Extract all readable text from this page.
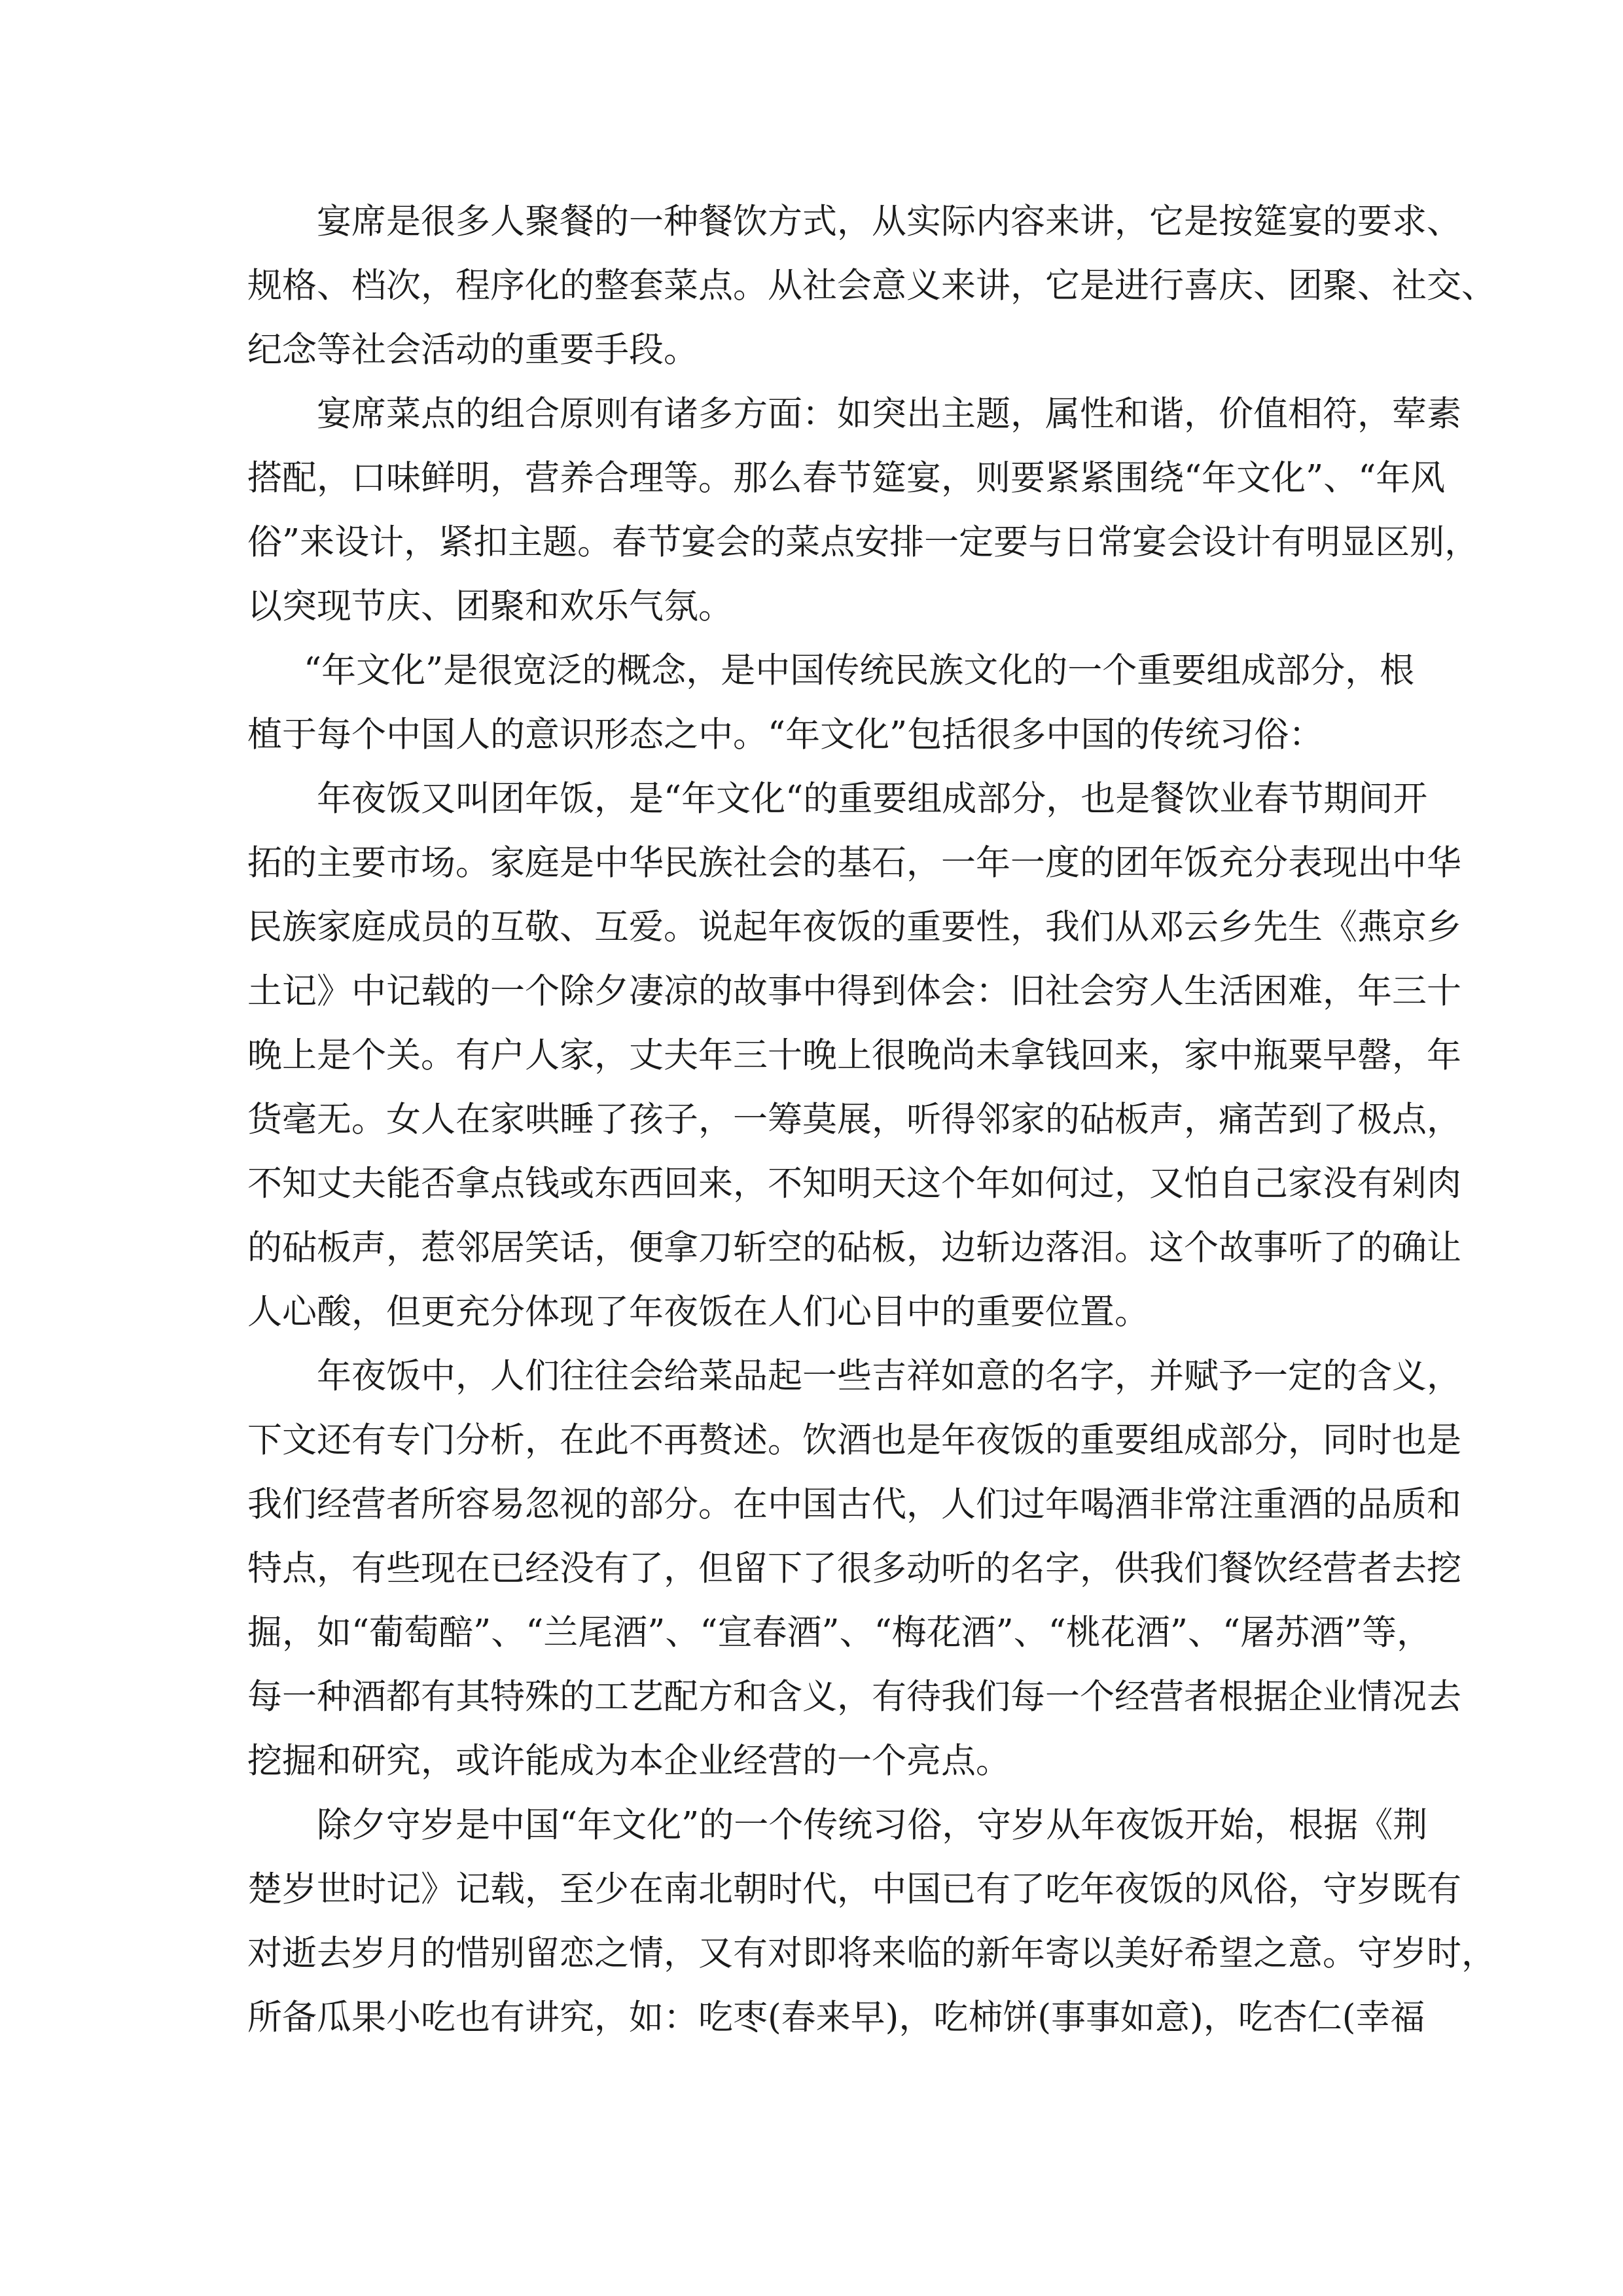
宴席是很多人聚餐的一种餐饮方式，从实际内容来讲，它是按筵宴的要求、
规格、档次，程序化的整套菜点。从社会意义来讲，它是进行喜庆、团聚、社交、
纪念等社会活动的重要手段。
宴席菜点的组合原则有诸多方面：如突出主题，属性和谐，价值相符，荤素
搭配，口味鲜明，营养合理等。那么春节筵宴，则要紧紧围绕“年文化”、“年风
俗”来设计，紧扣主题。春节宴会的菜点安排一定要与日常宴会设计有明显区别，
以突现节庆、团聚和欢乐气氛。
“年文化”是很宽泛的概念，是中国传统民族文化的一个重要组成部分，根
植于每个中国人的意识形态之中。“年文化”包括很多中国的传统习俗：
年夜饭又叫团年饭，是“年文化“的重要组成部分，也是餐饮业春节期间开
拓的主要市场。家庭是中华民族社会的基石，一年一度的团年饭充分表现出中华
民族家庭成员的互敬、互爱。说起年夜饭的重要性，我们从邓云乡先生《燕京乡
土记》中记载的一个除夕凄凉的故事中得到体会：旧社会穷人生活困难，年三十
晚上是个关。有户人家，丈夫年三十晚上很晚尚未拿钱回来，家中瓶粟早罄，年
货毫无。女人在家哄睡了孩子，一筹莫展，听得邻家的砧板声，痛苦到了极点，
不知丈夫能否拿点钱或东西回来，不知明天这个年如何过，又怕自己家没有剁肉
的砧板声，惹邻居笑话，便拿刀斩空的砧板，边斩边落泪。这个故事听了的确让
人心酸，但更充分体现了年夜饭在人们心目中的重要位置。
年夜饭中，人们往往会给菜品起一些吉祥如意的名字，并赋予一定的含义，
下文还有专门分析，在此不再赘述。饮酒也是年夜饭的重要组成部分，同时也是
我们经营者所容易忽视的部分。在中国古代，人们过年喝酒非常注重酒的品质和
特点，有些现在已经没有了，但留下了很多动听的名字，供我们餐饮经营者去挖
掘，如“葡萄醅”、“兰尾酒”、“宣春酒”、“梅花酒”、“桃花酒”、“屠苏酒”等，
每一种酒都有其特殊的工艺配方和含义，有待我们每一个经营者根据企业情况去
挖掘和研究，或许能成为本企业经营的一个亮点。
除夕守岁是中国“年文化”的一个传统习俗，守岁从年夜饭开始，根据《荆
楚岁世时记》记载，至少在南北朝时代，中国已有了吃年夜饭的风俗，守岁既有
对逝去岁月的惜别留恋之情，又有对即将来临的新年寄以美好希望之意。守岁时，
所备瓜果小吃也有讲究，如：吃枣(春来早)，吃柿饼(事事如意)，吃杏仁(幸福
